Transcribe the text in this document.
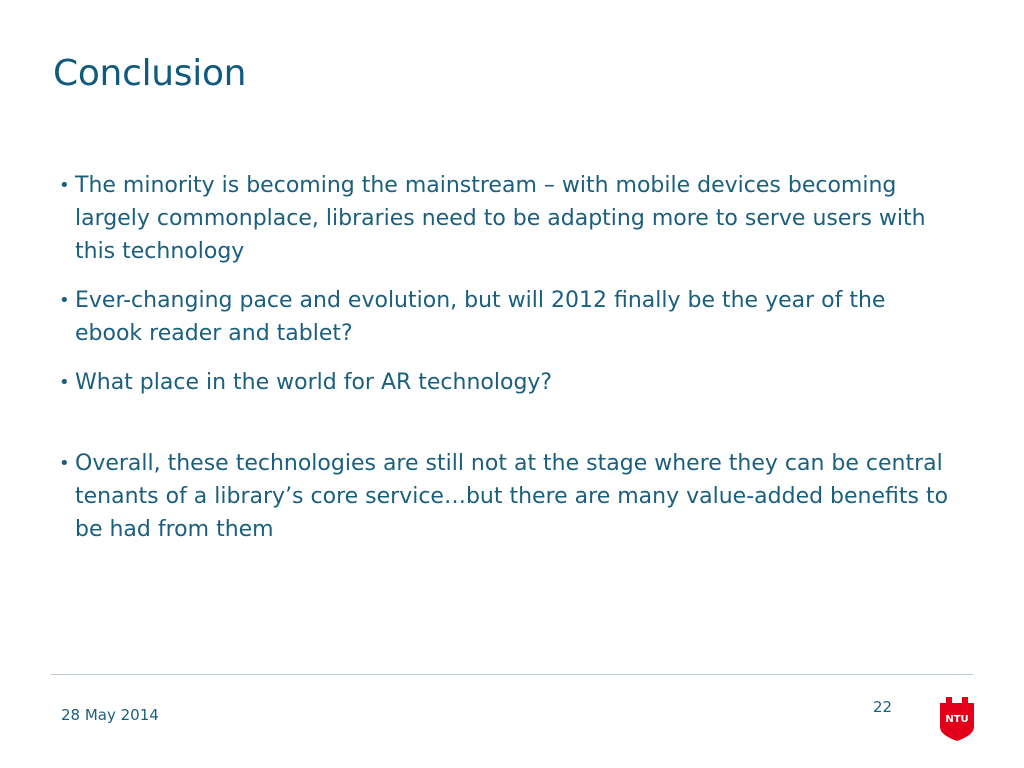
Conclusion
• The minority is becoming the mainstream – with mobile devices becoming largely commonplace, libraries need to be adapting more to serve users with this technology
• Ever-changing pace and evolution, but will 2012 finally be the year of the ebook reader and tablet?
• What place in the world for AR technology?
• Overall, these technologies are still not at the stage where they can be central tenants of a library’s core service…but there are many value-added benefits to be had from them
28 May 2014	22
NTU
